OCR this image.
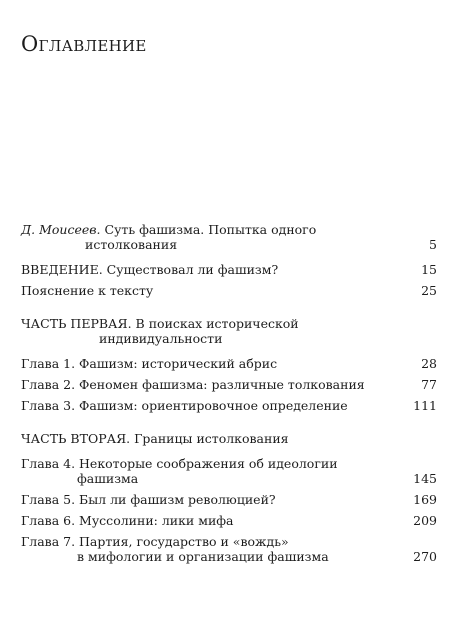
Оглавление
Д. Моисеев. Суть фашизма. Попытка одного
истолкования	5
ВВЕДЕНИЕ. Существовал ли фашизм?	15
Пояснение к тексту	25
ЧАСТЬ ПЕРВАЯ. В поисках исторической
индивидуальности
Глава 1. Фашизм: исторический абрис	28
Глава 2. Феномен фашизма: различные толкования	77
Глава 3. Фашизм: ориентировочное определение	111
ЧАСТЬ ВТОРАЯ. Границы истолкования
Глава 4. Некоторые соображения об идеологии
фашизма	145
Глава 5. Был ли фашизм революцией?	169
Глава 6. Муссолини: лики мифа	209
Глава 7. Партия, государство и «вождь»
в мифологии и организации фашизма	270
